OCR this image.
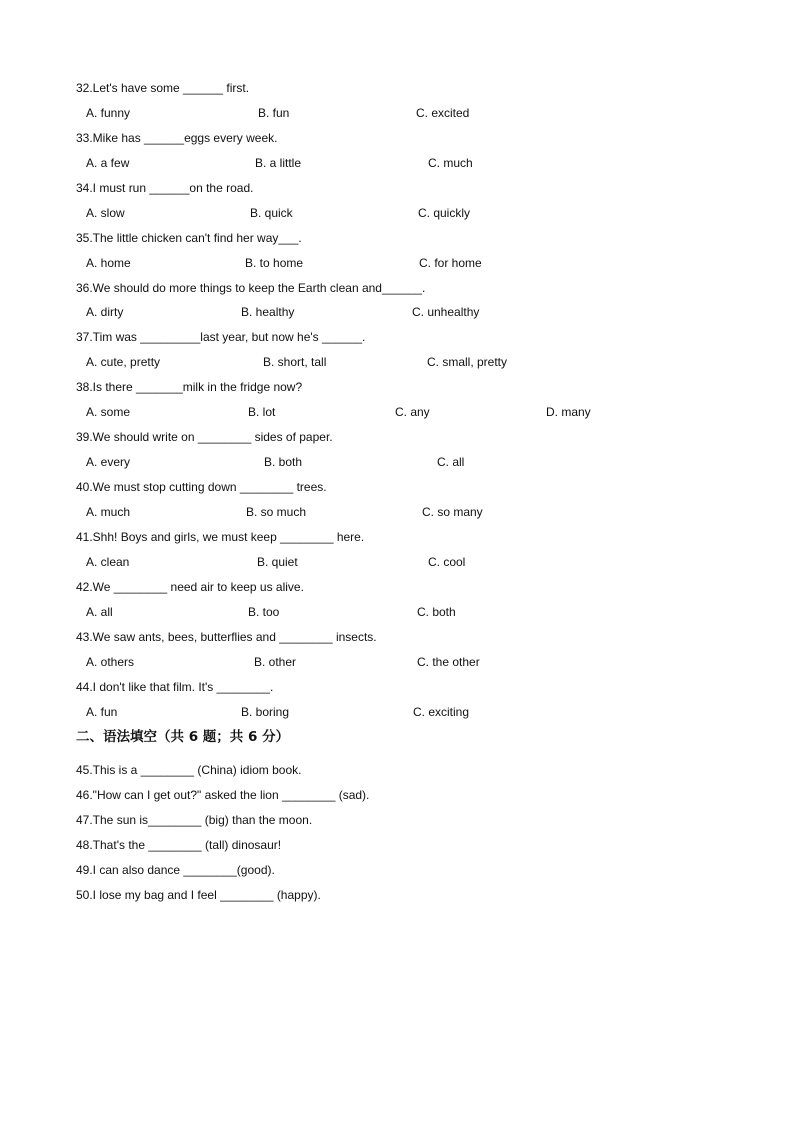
32.Let's have some ______ first.
A. funny	B. fun	C. excited
33.Mike has ______eggs every week.
A. a few	B. a little	C. much
34.I must run ______on the road.
A. slow	B. quick	C. quickly
35.The little chicken can't find her way___.
A. home	B. to home	C. for home
36.We should do more things to keep the Earth clean and______.
A. dirty	B. healthy	C. unhealthy
37.Tim was _________last year, but now he's ______.
A. cute, pretty	B. short, tall	C. small, pretty
38.Is there _______milk in the fridge now?
A. some	B. lot	C. any	D. many
39.We should write on ________ sides of paper.
A. every	B. both	C. all
40.We must stop cutting down ________ trees.
A. much	B. so much	C. so many
41.Shh! Boys and girls, we must keep ________ here.
A. clean	B. quiet	C. cool
42.We ________ need air to keep us alive.
A. all	B. too	C. both
43.We saw ants, bees, butterflies and ________ insects.
A. others	B. other	C. the other
44.I don't like that film. It's ________.
A. fun	B. boring	C. exciting
二、语法填空（共 6 题；共 6 分）
45.This is a ________ (China) idiom book.
46."How can I get out?" asked the lion ________ (sad).
47.The sun is________ (big) than the moon.
48.That's the ________ (tall) dinosaur!
49.I can also dance ________(good).
50.I lose my bag and I feel ________ (happy).
